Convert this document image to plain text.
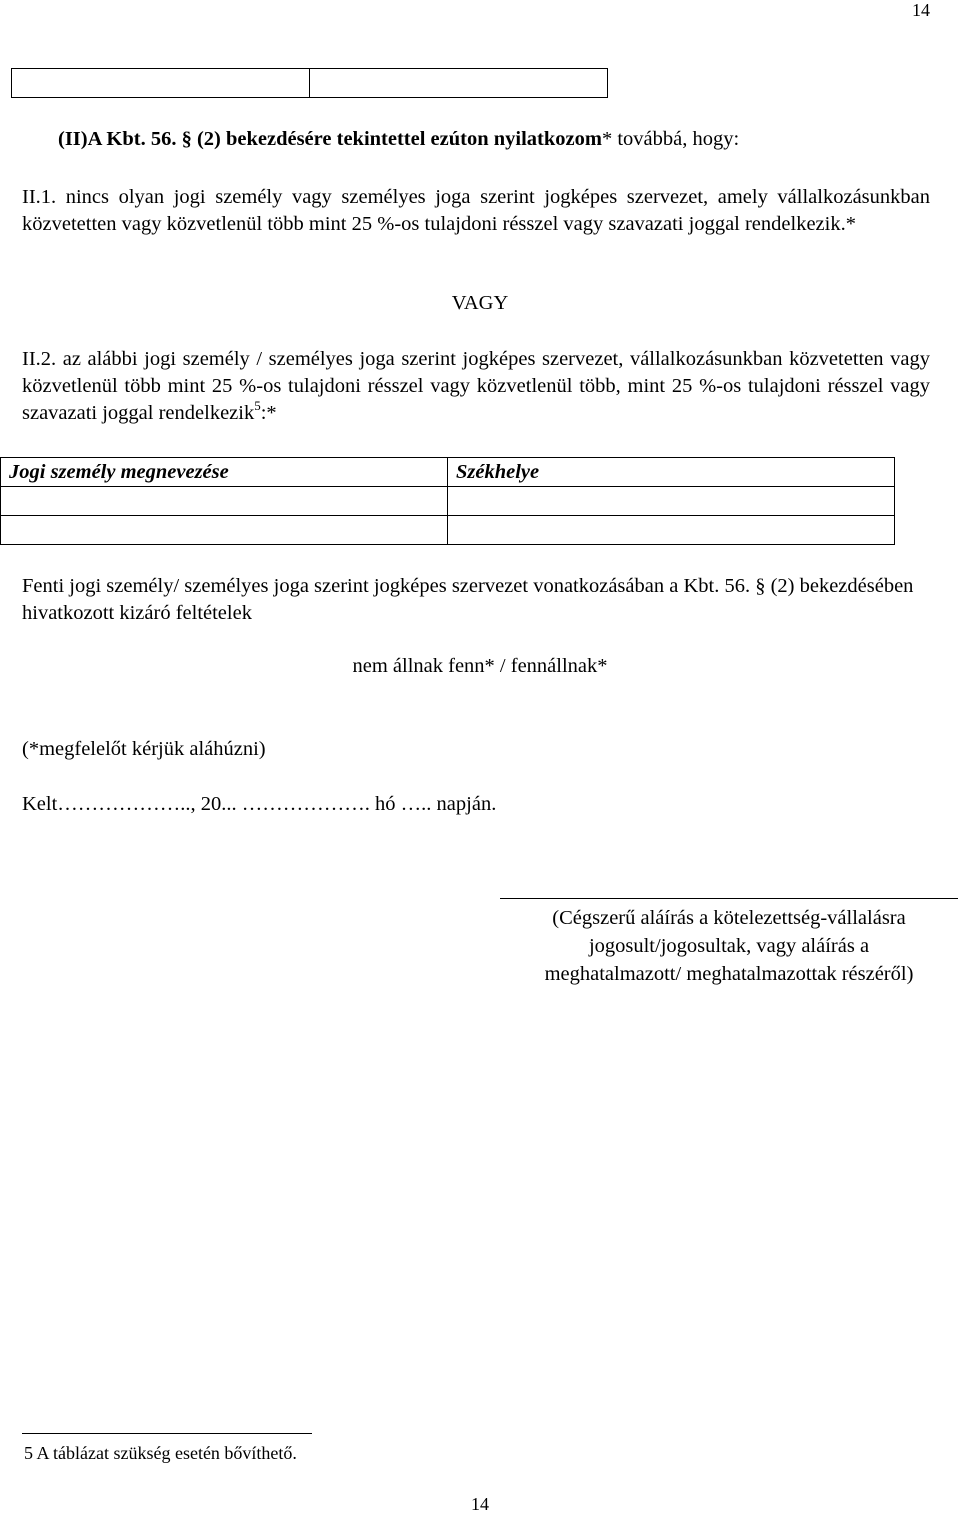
14

(II)A Kbt. 56. § (2) bekezdésére tekintettel ezúton nyilatkozom* továbbá, hogy:
II.1. nincs olyan jogi személy vagy személyes joga szerint jogképes szervezet, amely vállalkozásunkban közvetetten vagy közvetlenül több mint 25 %-os tulajdoni résszel vagy szavazati joggal rendelkezik.*
VAGY
II.2. az alábbi jogi személy / személyes joga szerint jogképes szervezet, vállalkozásunkban közvetetten vagy közvetlenül több mint 25 %-os tulajdoni résszel vagy közvetlenül több, mint 25 %-os tulajdoni résszel vagy szavazati joggal rendelkezik$^5$:*
Jogi személy megnevezése	Székhelye

Fenti jogi személy/ személyes joga szerint jogképes szervezet vonatkozásában a Kbt. 56. § (2) bekezdésében hivatkozott kizáró feltételek
nem állnak fenn* / fennállnak*
(*megfelelőt kérjük aláhúzni)
Kelt……………….., 20... ………………. hó ….. napján.
(Cégszerű aláírás a kötelezettség-vállalásra
jogosult/jogosultak, vagy aláírás a
meghatalmazott/ meghatalmazottak részéről)
5 A táblázat szükség esetén bővíthető.
14
